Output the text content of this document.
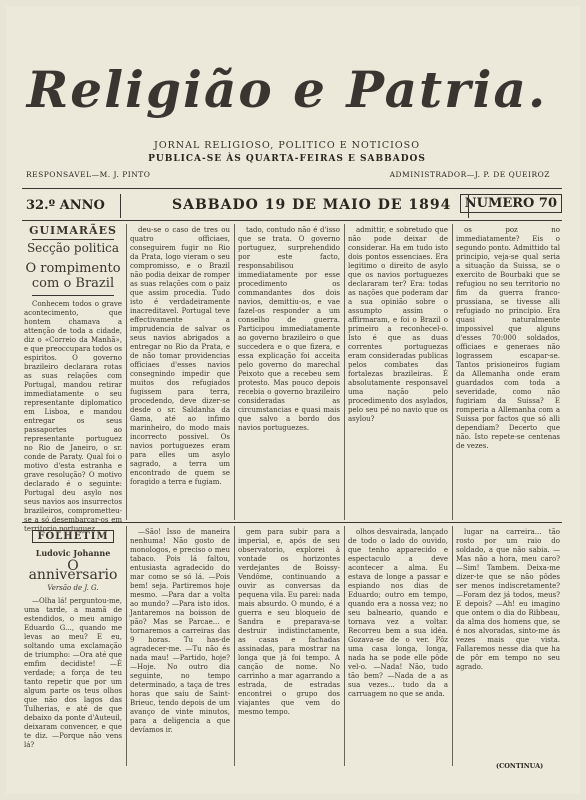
Religião e Patria.
JORNAL RELIGIOSO, POLITICO E NOTICIOSO
PUBLICA-SE ÀS QUARTA-FEIRAS E SABBADOS
RESPONSAVEL—M. J. PINTO	ADMINISTRADOR—J. P. DE QUEIROZ
32.º ANNO	SABBADO 19 DE MAIO DE 1894	NUMERO 70
GUIMARÃES
Secção politica
O rompimento com o Brazil

Conhecem todos o grave acontecimento, que hontem chamava a attenção de toda a cidade, diz o «Correio da Manhã», e que preoccupara todos os espiritos. O governo brazileiro declarara rotas as suas relações com Portugal, mandou retirar immediatamente o seu representante diplomatico em Lisboa, e mandou entregar os seus passaportes ao representante portuguez no Rio de Janeiro, o sr. conde de Paraty. Qual foi o motivo d'esta estranha e grave resolução? O motivo declarado é o seguinte: Portugal deu asylo nos seus navios aos insurrectos brazileiros, comprometteu-se a só desembarcar-os em territorio portuguez.

deu-se o caso de tres ou quatro officiaes, conseguirem fugir no Rio da Prata, logo vieram o seu compromisso, e o Brazil não podia deixar de romper as suas relações com o paiz que assim procedia. Tudo isto é verdadeiramente inacreditavel. Portugal teve effectivamente a imprudencia de salvar os seus navios abrigados a entregar no Rio da Prata, e de não tomar providencias officiaes d'esses navios consegnindo impedir que muitos dos refugiados fugissem para terra, procedendo, deve dizer-se desde o sr. Saldanha da Gama, até ao infimo marinheiro, do modo mais incorrecto possivel. Os navios portuguezes eram para elles um asylo sagrado, a terra um encontrado de quem se foragido a terra e fugiam.

tado, contudo não é d'isso que se trata. O governo portuguez, surprehendido por este facto, responsabilisou immediatamente por esse procedimento os commandantes dos dois navios, demittiu-os, e vae fazel-os responder a um conselho de guerra. Participou immediatamente ao governo brazileiro o que succedera e o que fizera, e essa explicação foi acceita pelo governo do marechal Peixoto que a recebeu sem protesto. Mas pouco depois recebia o governo brazileiro consideradas as circumstancias e quasi mais que salvo a bordo dos navios portuguezes.

admittir, e sobretudo que não pode deixar de considerar. Ha em tudo isto dois pontos essenciaes. Era legitimo o direito de asylo que os navios portuguezes declararam ter? Era: todas as nações que poderam dar a sua opinião sobre o assumpto assim o affirmaram, e foi o Brazil o primeiro a reconhecel-o. Isto é que as duas correntes portuguezas eram consideradas publicas pelos combates das fortalezas brazileiras. É absolutamente responsavel uma nação pelo procedimento dos asylados, pelo seu pé no navio que os asylou?

os poz no immediatamente? Eis o segundo ponto. Admittido tal principio, veja-se qual seria a situação da Suissa, se o exercito de Bourbaki que se refugiou no seu territorio no fim da guerra franco-prussiana, se tivesse alli refugiado no principio. Era quasi naturalmente impossivel que alguns d'esses 70:000 soldados, officiaes e generaes não lograssem escapar-se. Tantos prisioneiros fugiam da Allemanha onde eram guardados com toda a severidade, como não fugiriam da Suissa? E romperia a Allemanha com a Suissa por factos que só alli dependiam? Decerto que não. Isto repete-se centenas de vezes.

FOLHETIM
Ludovic Johanne
O anniversario
Versão de J. G.

—Olha lá! perguntou-me, uma tarde, a mamã de estendidos, o meu amigo Eduardo G..., quando me levas ao meu? E eu, soltando uma exclamação de triumpho: —Ora até que emfim decidiste! —É verdade; a força de teu tanto repetir que por um algum parte os teus olhos que não dos lagos das Tulherias, e até de que debaixo da ponte d'Auteuil, deixaram convencer, e que te diz. —Porque não vens lá?

—São! Isso de maneira nenhuma! Não gosto de monologos, e preciso o meu tabaco. Pois lá faltou, entusiasta agradecido do mar como se só lá. —Pois bem! seja. Partiremos hoje mesmo. —Para dar a volta ao mundo? —Para isto idos. Jantaremos na boisson de pão? Mas se Parcae... e tornaremos a carreiras das 9 horas. Tu has-de agradecer-me. —Tu não és nada mau! —Partido, hoje? —Hoje. No outro dia seguinte, no tempo determinado, a taça de tres horas que saiu de Saint-Brieuc, tendo depois de um avanço de vinte minutos, para a deligencia a que devíamos ir.

gem para subir para a imperial, e, após de seu observatorio, explorei à vontade os horizontes verdejantes de Boissy-Vendôme, continuando a ouvir as conversas da pequena vila. Eu parei: nada mais absurdo. O mundo, é a guerra e seu bloqueio de Sandra e preparava-se destruir indistinctamente, as casas e fachadas assinadas, para mostrar na longa que já foi tempo. A canção de nome. No carrinho a mar agarrando a estrada, de estradas encontrei o grupo dos viajantes que vem do mesmo tempo.

olhos desvairada, lançado de todo o lado do ouvido, que tenho apparecido e espectaculo a deve acontecer a alma. Eu estava de longe a passar e espiando nos dias de Eduardo; outro em tempo, quando era a nossa vez; no seu balneario, quando e tornava vez a voltar. Recorreu bem a sua idéa. Gozava-se de o ver. Pôz uma casa longa, longa, nada ha se pode elle pôde vel-o. —Nada! Não, tudo tão bem? —Nada de a as sua vezes... tudo da a carruagem no que se anda.

lugar na carreira... tão rosto por um raio do soldado, a que não sabia. —Mas não a hora, meu caro? —Sim! Tambem. Deixa-me dizer-te que se não pôdes ser menos indiscretamente? —Foram dez já todos, meus? E depois? —Ah! eu imagino que ontem o dia do Ribbeau, da alma dos homens que, se é nos alvoradas, sinto-me ás vezes mais que vista. Fallaremos nesse dia que ha de pôr em tempo no seu agrado.

(CONTINUA)
